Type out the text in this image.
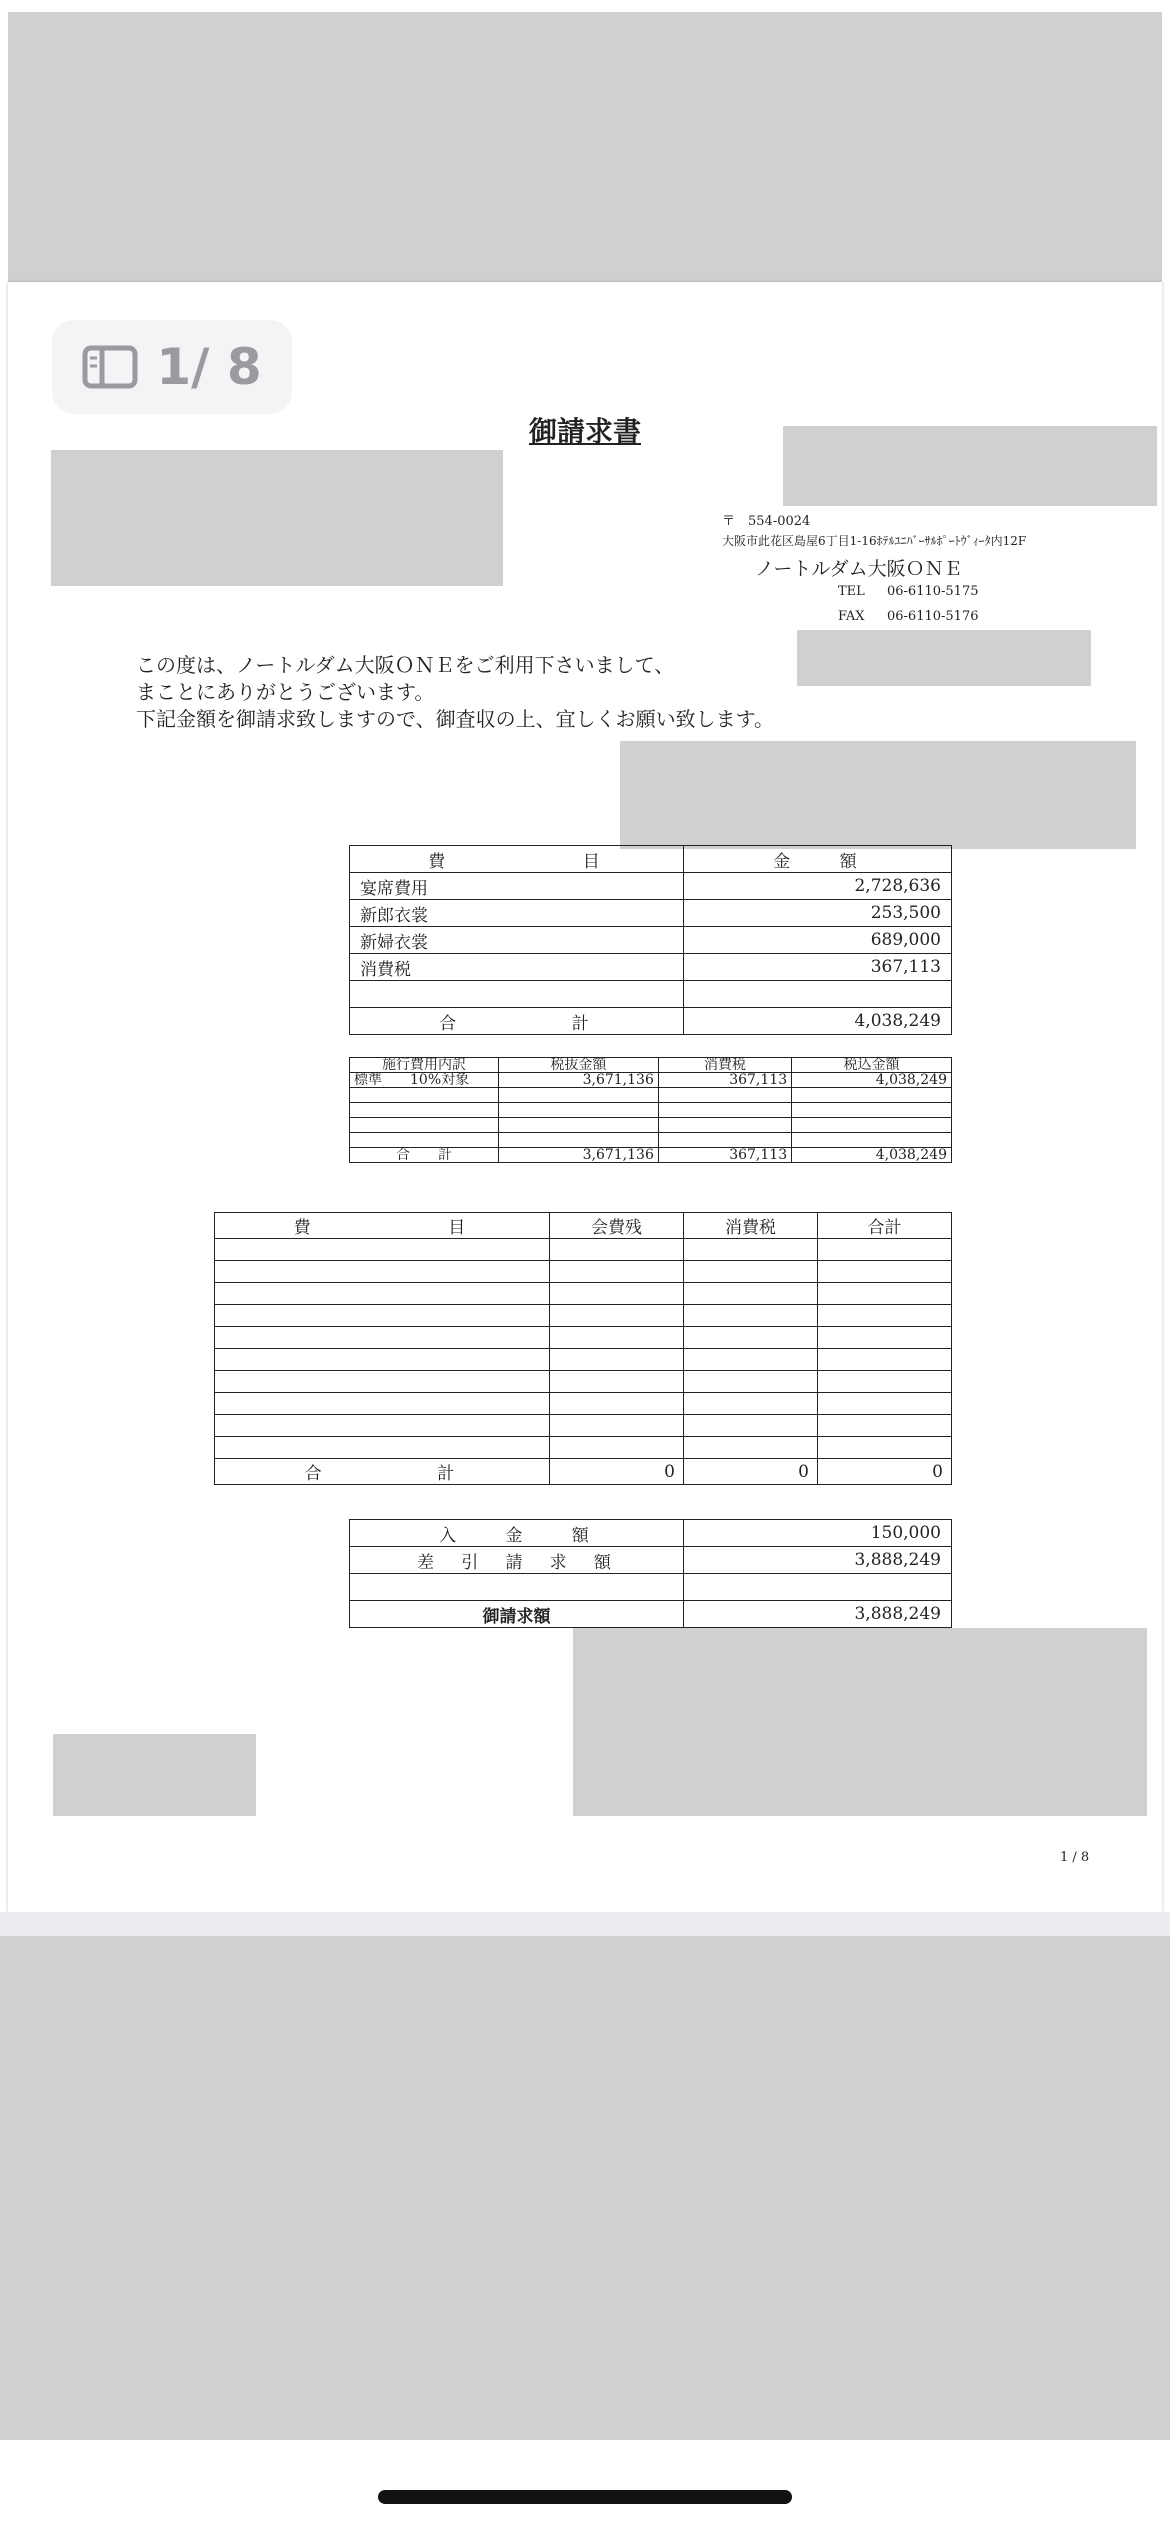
1/ 8
御請求書
〒　554-0024
大阪市此花区島屋6丁目1-16ﾎﾃﾙﾕﾆﾊﾞｰｻﾙﾎﾟｰﾄｳﾞｨｰﾀ内12F
ノートルダム大阪ＯＮＥ
TEL 06-6110-5175
FAX 06-6110-5176
この度は、ノートルダム大阪ＯＮＥをご利用下さいまして、
まことにありがとうございます。
下記金額を御請求致しますので、御査収の上、宜しくお願い致します。
費　　　　　　目	金　　額
宴席費用	2,728,636
新郎衣裳	253,500
新婦衣裳	689,000
消費税	367,113

合　　　　　計	4,038,249
施行費用内訳	税抜金額	消費税	税込金額
標準　　10%対象	3,671,136	367,113	4,038,249

合　　計	3,671,136	367,113	4,038,249
費　　　　　　目	会費残	消費税	合計

合　　　　　計	0	0	0
入　　金　　額	150,000
差　引　請　求　額	3,888,249

御請求額	3,888,249
1 / 8
